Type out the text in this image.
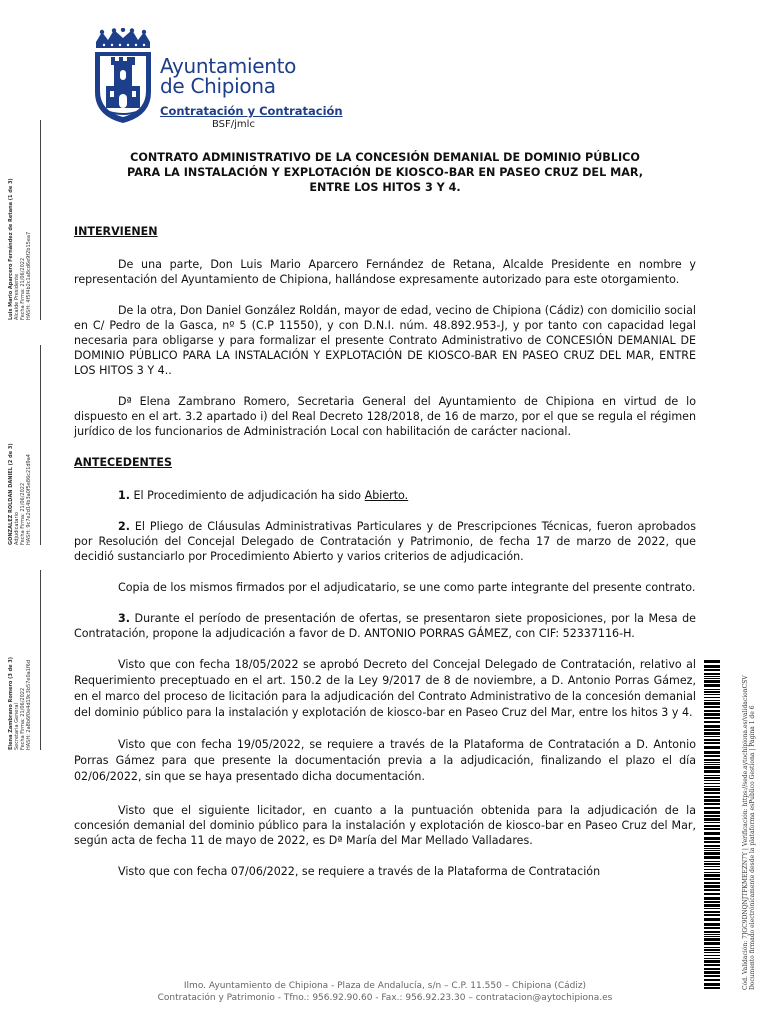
Ayuntamiento
de Chipiona
Contratación y Contratación
BSF/jmlc
CONTRATO ADMINISTRATIVO DE LA CONCESIÓN DEMANIAL DE DOMINIO PÚBLICO
PARA LA INSTALACIÓN Y EXPLOTACIÓN DE KIOSCO-BAR EN PASEO CRUZ DEL MAR,
ENTRE LOS HITOS 3 Y 4.

INTERVIENEN

De una parte, Don Luis Mario Aparcero Fernández de Retana, Alcalde Presidente en nombre y representación del Ayuntamiento de Chipiona, hallándose expresamente autorizado para este otorgamiento.

De la otra, Don Daniel González Roldán, mayor de edad, vecino de Chipiona (Cádiz) con domicilio social en C/ Pedro de la Gasca, nº 5 (C.P 11550), y con D.N.I. núm. 48.892.953-J, y por tanto con capacidad legal necesaria para obligarse y para formalizar el presente Contrato Administrativo de CONCESIÓN DEMANIAL DE DOMINIO PÚBLICO PARA LA INSTALACIÓN Y EXPLOTACIÓN DE KIOSCO-BAR EN PASEO CRUZ DEL MAR, ENTRE LOS HITOS 3 Y 4..

Dª Elena Zambrano Romero, Secretaria General del Ayuntamiento de Chipiona en virtud de lo dispuesto en el art. 3.2 apartado i) del Real Decreto 128/2018, de 16 de marzo, por el que se regula el régimen jurídico de los funcionarios de Administración Local con habilitación de carácter nacional.

ANTECEDENTES

1. El Procedimiento de adjudicación ha sido Abierto.

2. El Pliego de Cláusulas Administrativas Particulares y de Prescripciones Técnicas, fueron aprobados por Resolución del Concejal Delegado de Contratación y Patrimonio, de fecha 17 de marzo de 2022, que decidió sustanciarlo por Procedimiento Abierto y varios criterios de adjudicación.

Copia de los mismos firmados por el adjudicatario, se une como parte integrante del presente contrato.

3. Durante el período de presentación de ofertas, se presentaron siete proposiciones, por la Mesa de Contratación, propone la adjudicación a favor de D. ANTONIO PORRAS GÁMEZ, con CIF: 52337116-H.

Visto que con fecha 18/05/2022 se aprobó Decreto del Concejal Delegado de Contratación, relativo al Requerimiento preceptuado en el art. 150.2 de la Ley 9/2017 de 8 de noviembre, a D. Antonio Porras Gámez, en el marco del proceso de licitación para la adjudicación del Contrato Administrativo de la concesión demanial del dominio público para la instalación y explotación de kiosco-bar en Paseo Cruz del Mar, entre los hitos 3 y 4.

Visto que con fecha 19/05/2022, se requiere a través de la Plataforma de Contratación a D. Antonio Porras Gámez para que presente la documentación previa a la adjudicación, finalizando el plazo el día 02/06/2022, sin que se haya presentado dicha documentación.

Visto que el siguiente licitador, en cuanto a la puntuación obtenida para la adjudicación de la concesión demanial del dominio público para la instalación y explotación de kiosco-bar en Paseo Cruz del Mar, según acta de fecha 11 de mayo de 2022, es Dª María del Mar Mellado Valladares.

Visto que con fecha 07/06/2022, se requiere a través de la Plataforma de Contratación

Luis Mario Aparcero Fernández de Retana (1 de 3) Alcalde Presidente Fecha Firma: 21/06/2022 HASH: 4f5f4b2c1a8cd6e9f2b15ea7
GONZALEZ ROLDAN DANIEL (2 de 3) Adjudicatario Fecha Firma: 21/06/2022 HASH: 9c7e2d14b3a0f5e86c21d9a4
Elena Zambrano Romero (3 de 3) Secretaria General Fecha Firma: 21/06/2022 HASH: 2a8b6f0e4d19c3b57e0a1f6d	Cód. Validación: 7JGC9DNQNJTFKMEEZN7Y | Verificación: https://sede.aytochipiona.es/validacionCSV Documento firmado electrónicamente desde la plataforma esPublico Gestiona | Página 1 de 6
Ilmo. Ayuntamiento de Chipiona - Plaza de Andalucía, s/n – C.P. 11.550 – Chipiona (Cádiz)
Contratación y Patrimonio - Tfno.: 956.92.90.60 - Fax.: 956.92.23.30 – contratacion@aytochipiona.es
